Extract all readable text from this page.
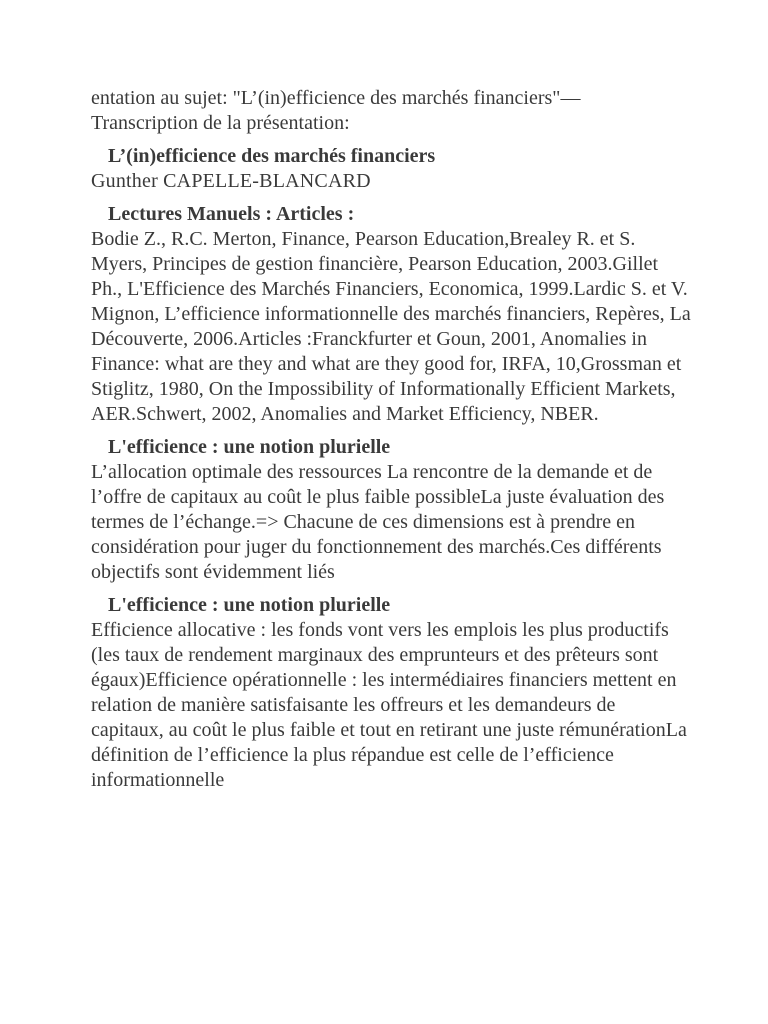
entation au sujet: "L’(in)efficience des marchés financiers"—
Transcription de la présentation:
L’(in)efficience des marchés financiers
Gunther CAPELLE-BLANCARD
Lectures Manuels : Articles :
Bodie Z., R.C. Merton, Finance, Pearson Education,Brealey R. et S. Myers, Principes de gestion financière, Pearson Education, 2003.Gillet Ph., L'Efficience des Marchés Financiers, Economica, 1999.Lardic S. et V. Mignon, L’efficience informationnelle des marchés financiers, Repères, La Découverte, 2006.Articles :Franckfurter et Goun, 2001, Anomalies in Finance: what are they and what are they good for, IRFA, 10,Grossman et Stiglitz, 1980, On the Impossibility of Informationally Efficient Markets, AER.Schwert, 2002, Anomalies and Market Efficiency, NBER.
L'efficience : une notion plurielle
L’allocation optimale des ressources La rencontre de la demande et de l’offre de capitaux au coût le plus faible possibleLa juste évaluation des termes de l’échange.=> Chacune de ces dimensions est à prendre en considération pour juger du fonctionnement des marchés.Ces différents objectifs sont évidemment liés
L'efficience : une notion plurielle
Efficience allocative : les fonds vont vers les emplois les plus productifs (les taux de rendement marginaux des emprunteurs et des prêteurs sont égaux)Efficience opérationnelle : les intermédiaires financiers mettent en relation de manière satisfaisante les offreurs et les demandeurs de capitaux, au coût le plus faible et tout en retirant une juste rémunérationLa définition de l’efficience la plus répandue est celle de l’efficience informationnelle
